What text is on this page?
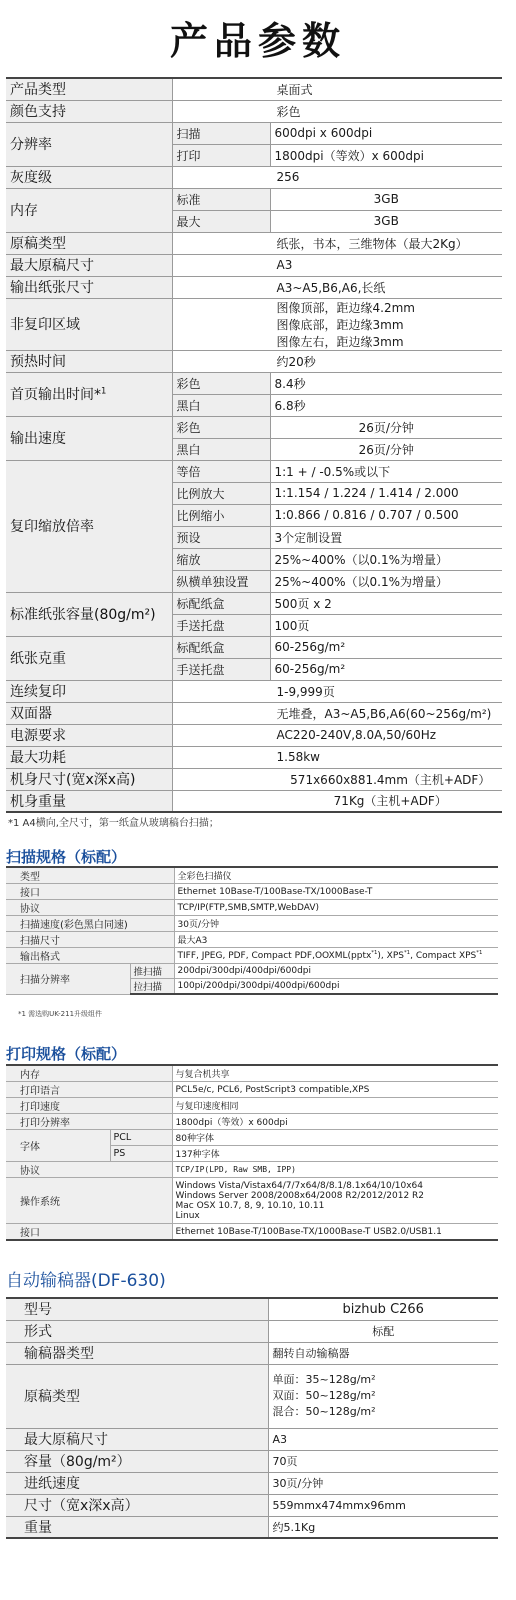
产品参数
产品类型	桌面式	
颜色支持	彩色	
分辨率	扫描	600dpi x 600dpi
	打印	1800dpi（等效）x 600dpi
灰度级	256	
内存	标准	3GB
	最大	3GB
原稿类型	纸张，书本，三维物体（最大2Kg）	
最大原稿尺寸	A3	
输出纸张尺寸	A3~A5,B6,A6,长纸	
非复印区域	图像顶部，距边缘4.2mm
图像底部，距边缘3mm
图像左右，距边缘3mm	

预热时间	约20秒	
首页输出时间*$^1$	彩色	8.4秒
	黑白	6.8秒
输出速度	彩色	26页/分钟
	黑白	26页/分钟
复印缩放倍率	等倍	1:1 + / -0.5%或以下
	比例放大	1:1.154 / 1.224 / 1.414 / 2.000
	比例缩小	1:0.866 / 0.816 / 0.707 / 0.500
	预设	3个定制设置
	缩放	25%~400%（以0.1%为增量）
	纵横单独设置	25%~400%（以0.1%为增量）
标准纸张容量(80g/m²)	标配纸盒	500页 x 2
	手送托盘	100页
纸张克重	标配纸盒	60-256g/m²
	手送托盘	60-256g/m²
连续复印	1-9,999页	
双面器	无堆叠，A3~A5,B6,A6(60~256g/m²)	
电源要求	AC220-240V,8.0A,50/60Hz	
最大功耗	1.58kw	
机身尺寸(宽x深x高)	571x660x881.4mm（主机+ADF）	
机身重量	71Kg（主机+ADF）	
*1 A4横向,全尺寸，第一纸盒从玻璃稿台扫描；
扫描规格（标配）
类型		全彩色扫描仪
接口		Ethernet 10Base-T/100Base-TX/1000Base-T
协议		TCP/IP(FTP,SMB,SMTP,WebDAV)
扫描速度(彩色黑白同速)		30页/分钟
扫描尺寸		最大A3
输出格式		TIFF, JPEG, PDF, Compact PDF,OOXML(pptx$^{*1}$), XPS$^{*1}$, Compact XPS$^{*1}$
扫描分辨率	推扫描	200dpi/300dpi/400dpi/600dpi
	拉扫描	100pi/200dpi/300dpi/400dpi/600dpi
*1 需选购UK-211升级组件
打印规格（标配）
内存		与复合机共享
打印语言		PCL5e/c, PCL6, PostScript3 compatible,XPS
打印速度		与复印速度相同
打印分辨率		1800dpi（等效）x 600dpi
字体	PCL	80种字体
	PS	137种字体
协议		TCP/IP(LPD, Raw SMB, IPP)
操作系统		Windows Vista/Vistax64/7/7x64/8/8.1/8.1x64/10/10x64
Windows Server 2008/2008x64/2008 R2/2012/2012 R2
Mac OSX 10.7, 8, 9, 10.10, 10.11
Linux

接口		Ethernet 10Base-T/100Base-TX/1000Base-T USB2.0/USB1.1
自动输稿器(DF-630)
型号	bizhub C266
形式	标配
输稿器类型	翻转自动输稿器
原稿类型	单面：35~128g/m²
双面：50~128g/m²
混合：50~128g/m²

最大原稿尺寸	A3
容量（80g/m²）	70页
进纸速度	30页/分钟
尺寸（宽x深x高）	559mmx474mmx96mm
重量	约5.1Kg
